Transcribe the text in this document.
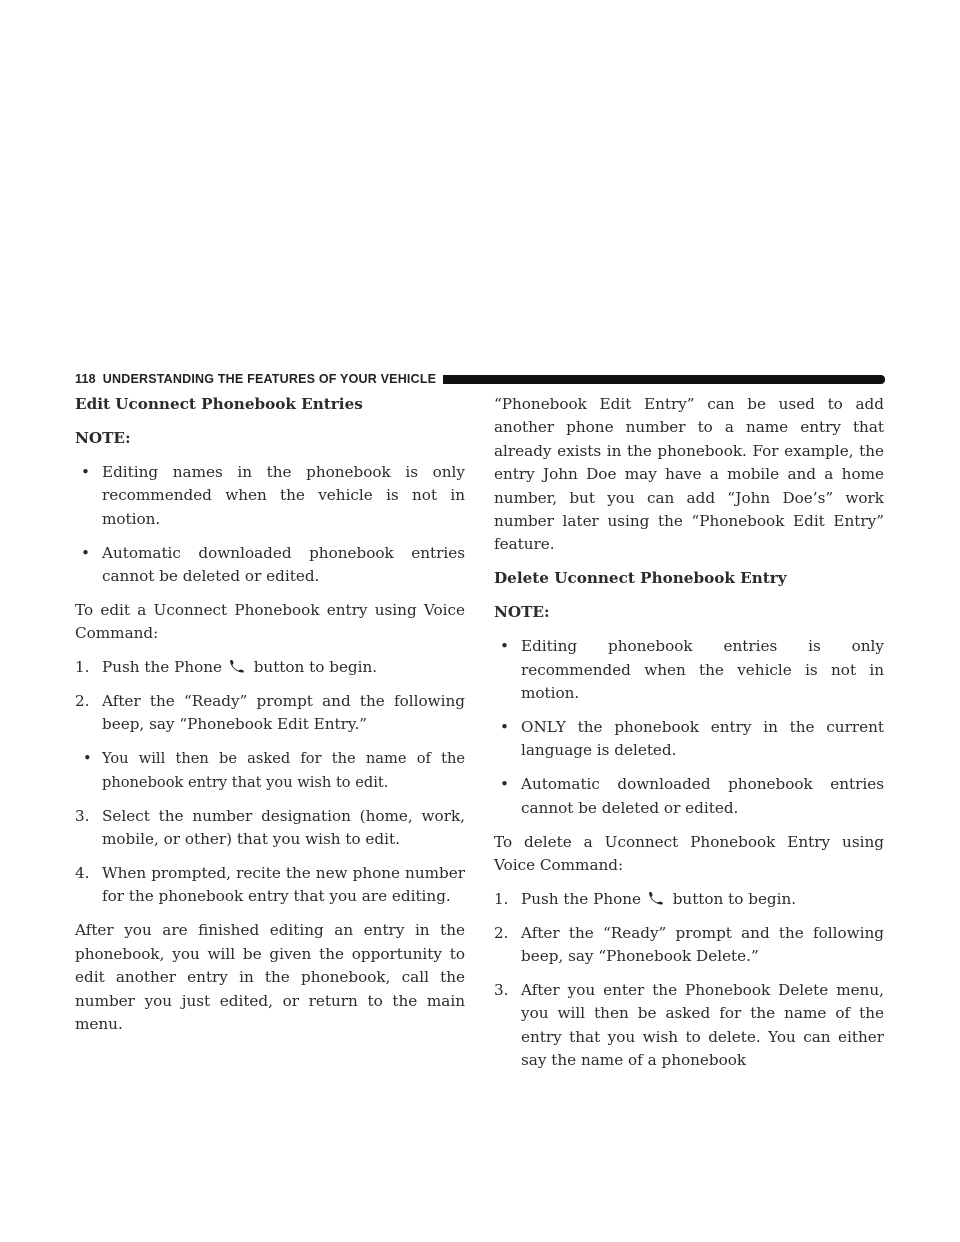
118 UNDERSTANDING THE FEATURES OF YOUR VEHICLE

Edit Uconnect Phonebook Entries

NOTE:

• Editing names in the phonebook is only recommended when the vehicle is not in motion.
• Automatic downloaded phonebook entries cannot be deleted or edited.

To edit a Uconnect Phonebook entry using Voice Command:

1. Push the Phone button to begin.
2. After the “Ready” prompt and the following beep, say “Phonebook Edit Entry.”
• You will then be asked for the name of the phonebook entry that you wish to edit.
3. Select the number designation (home, work, mobile, or other) that you wish to edit.
4. When prompted, recite the new phone number for the phonebook entry that you are editing.

After you are finished editing an entry in the phonebook, you will be given the opportunity to edit another entry in the phonebook, call the number you just edited, or return to the main menu.

“Phonebook Edit Entry” can be used to add another phone number to a name entry that already exists in the phonebook. For example, the entry John Doe may have a mobile and a home number, but you can add “John Doe’s” work number later using the “Phonebook Edit Entry” feature.

Delete Uconnect Phonebook Entry

NOTE:

• Editing phonebook entries is only recommended when the vehicle is not in motion.
• ONLY the phonebook entry in the current language is deleted.
• Automatic downloaded phonebook entries cannot be deleted or edited.

To delete a Uconnect Phonebook Entry using Voice Command:

1. Push the Phone button to begin.
2. After the “Ready” prompt and the following beep, say “Phonebook Delete.”
3. After you enter the Phonebook Delete menu, you will then be asked for the name of the entry that you wish to delete. You can either say the name of a phonebook
